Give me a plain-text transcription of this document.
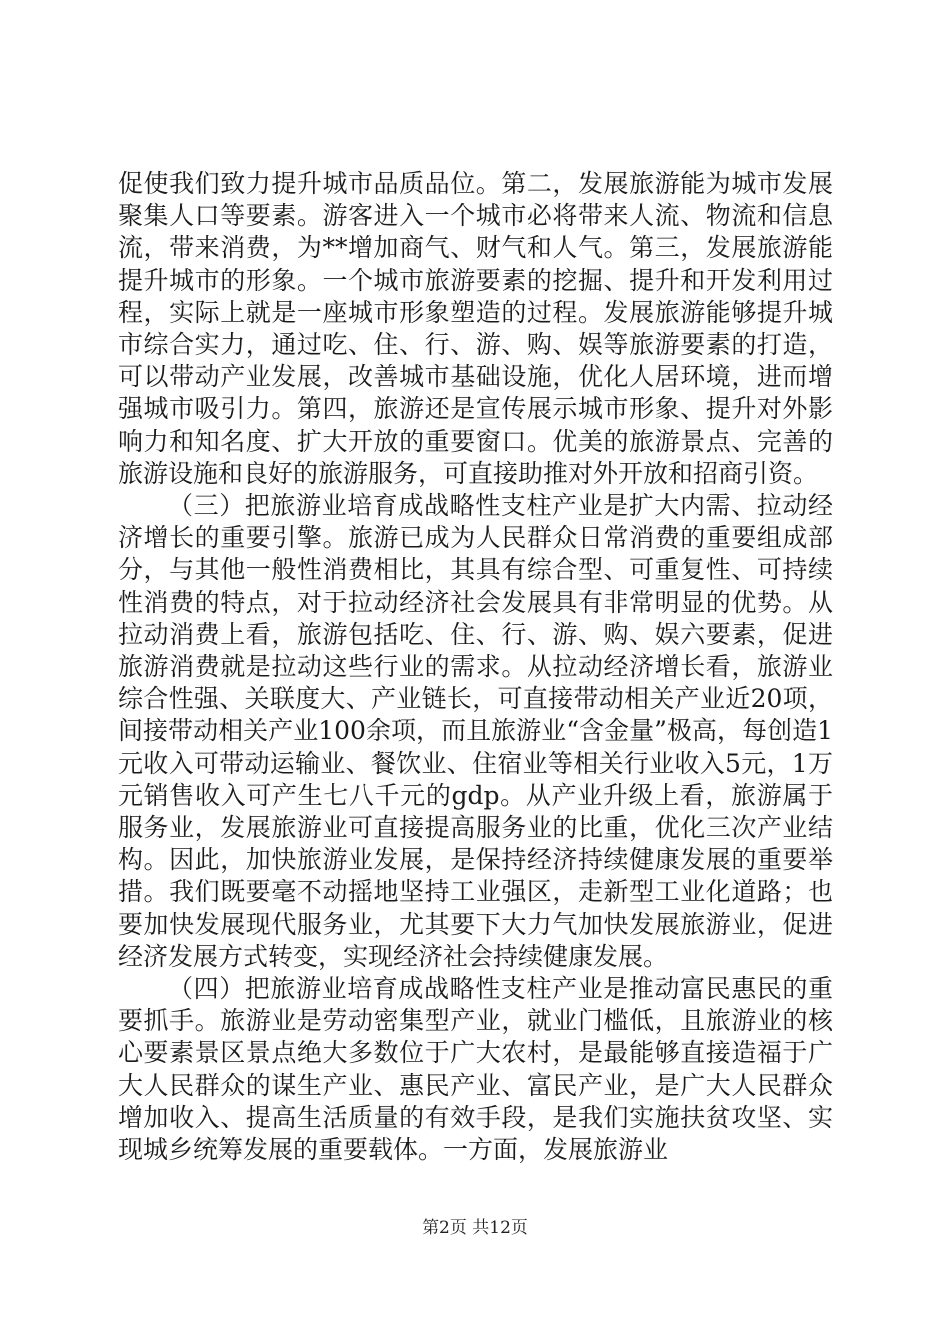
促使我们致力提升城市品质品位。第二，发展旅游能为城市发展聚集人口等要素。游客进入一个城市必将带来人流、物流和信息流，带来消费，为**增加商气、财气和人气。第三，发展旅游能提升城市的形象。一个城市旅游要素的挖掘、提升和开发利用过程，实际上就是一座城市形象塑造的过程。发展旅游能够提升城市综合实力，通过吃、住、行、游、购、娱等旅游要素的打造，可以带动产业发展，改善城市基础设施，优化人居环境，进而增强城市吸引力。第四，旅游还是宣传展示城市形象、提升对外影响力和知名度、扩大开放的重要窗口。优美的旅游景点、完善的旅游设施和良好的旅游服务，可直接助推对外开放和招商引资。

（三）把旅游业培育成战略性支柱产业是扩大内需、拉动经济增长的重要引擎。旅游已成为人民群众日常消费的重要组成部分，与其他一般性消费相比，其具有综合型、可重复性、可持续性消费的特点，对于拉动经济社会发展具有非常明显的优势。从拉动消费上看，旅游包括吃、住、行、游、购、娱六要素，促进旅游消费就是拉动这些行业的需求。从拉动经济增长看，旅游业综合性强、关联度大、产业链长，可直接带动相关产业近20项，间接带动相关产业100余项，而且旅游业“含金量”极高，每创造1元收入可带动运输业、餐饮业、住宿业等相关行业收入5元，1万元销售收入可产生七八千元的gdp。从产业升级上看，旅游属于服务业，发展旅游业可直接提高服务业的比重，优化三次产业结构。因此，加快旅游业发展，是保持经济持续健康发展的重要举措。我们既要毫不动摇地坚持工业强区，走新型工业化道路；也要加快发展现代服务业，尤其要下大力气加快发展旅游业，促进经济发展方式转变，实现经济社会持续健康发展。

（四）把旅游业培育成战略性支柱产业是推动富民惠民的重要抓手。旅游业是劳动密集型产业，就业门槛低，且旅游业的核心要素景区景点绝大多数位于广大农村，是最能够直接造福于广大人民群众的谋生产业、惠民产业、富民产业，是广大人民群众增加收入、提高生活质量的有效手段，是我们实施扶贫攻坚、实现城乡统筹发展的重要载体。一方面，发展旅游业

第2页 共12页
